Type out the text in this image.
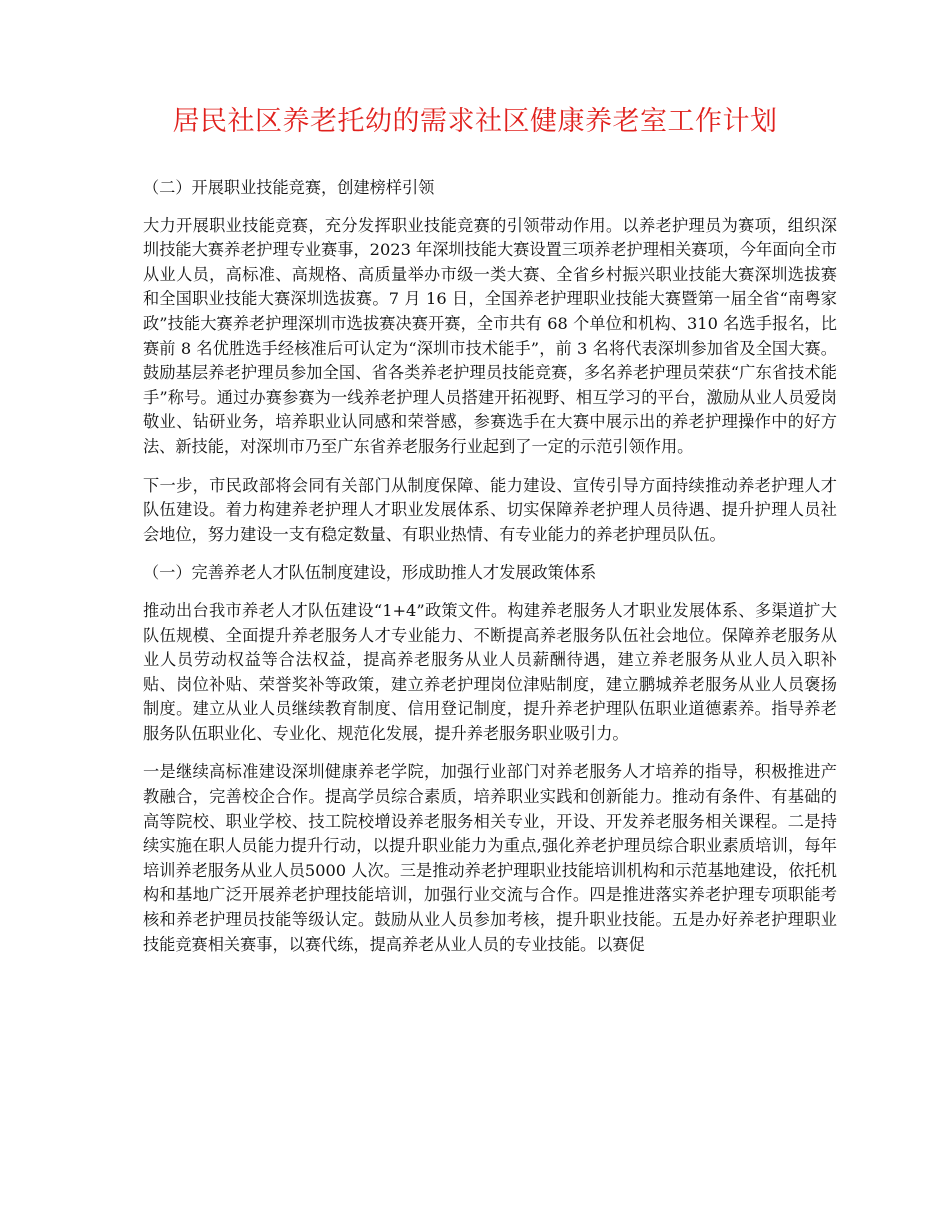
居民社区养老托幼的需求社区健康养老室工作计划

（二）开展职业技能竞赛，创建榜样引领

大力开展职业技能竞赛，充分发挥职业技能竞赛的引领带动作用。以养老护理员为赛项，组织深圳技能大赛养老护理专业赛事，2023 年深圳技能大赛设置三项养老护理相关赛项，今年面向全市从业人员，高标准、高规格、高质量举办市级一类大赛、全省乡村振兴职业技能大赛深圳选拔赛和全国职业技能大赛深圳选拔赛。7 月 16 日，全国养老护理职业技能大赛暨第一届全省“南粤家政”技能大赛养老护理深圳市选拔赛决赛开赛，全市共有 68 个单位和机构、310 名选手报名，比赛前 8 名优胜选手经核准后可认定为“深圳市技术能手”，前 3 名将代表深圳参加省及全国大赛。鼓励基层养老护理员参加全国、省各类养老护理员技能竞赛，多名养老护理员荣获“广东省技术能手”称号。通过办赛参赛为一线养老护理人员搭建开拓视野、相互学习的平台，激励从业人员爱岗敬业、钻研业务，培养职业认同感和荣誉感，参赛选手在大赛中展示出的养老护理操作中的好方法、新技能，对深圳市乃至广东省养老服务行业起到了一定的示范引领作用。

下一步，市民政部将会同有关部门从制度保障、能力建设、宣传引导方面持续推动养老护理人才队伍建设。着力构建养老护理人才职业发展体系、切实保障养老护理人员待遇、提升护理人员社会地位，努力建设一支有稳定数量、有职业热情、有专业能力的养老护理员队伍。

（一）完善养老人才队伍制度建设，形成助推人才发展政策体系

推动出台我市养老人才队伍建设“1+4”政策文件。构建养老服务人才职业发展体系、多渠道扩大队伍规模、全面提升养老服务人才专业能力、不断提高养老服务队伍社会地位。保障养老服务从业人员劳动权益等合法权益，提高养老服务从业人员薪酬待遇，建立养老服务从业人员入职补贴、岗位补贴、荣誉奖补等政策，建立养老护理岗位津贴制度，建立鹏城养老服务从业人员褒扬制度。建立从业人员继续教育制度、信用登记制度，提升养老护理队伍职业道德素养。指导养老服务队伍职业化、专业化、规范化发展，提升养老服务职业吸引力。

一是继续高标准建设深圳健康养老学院，加强行业部门对养老服务人才培养的指导，积极推进产教融合，完善校企合作。提高学员综合素质，培养职业实践和创新能力。推动有条件、有基础的高等院校、职业学校、技工院校增设养老服务相关专业，开设、开发养老服务相关课程。二是持续实施在职人员能力提升行动，以提升职业能力为重点,强化养老护理员综合职业素质培训，每年培训养老服务从业人员5000 人次。三是推动养老护理职业技能培训机构和示范基地建设，依托机构和基地广泛开展养老护理技能培训，加强行业交流与合作。四是推进落实养老护理专项职能考核和养老护理员技能等级认定。鼓励从业人员参加考核，提升职业技能。五是办好养老护理职业技能竞赛相关赛事，以赛代练，提高养老从业人员的专业技能。以赛促
